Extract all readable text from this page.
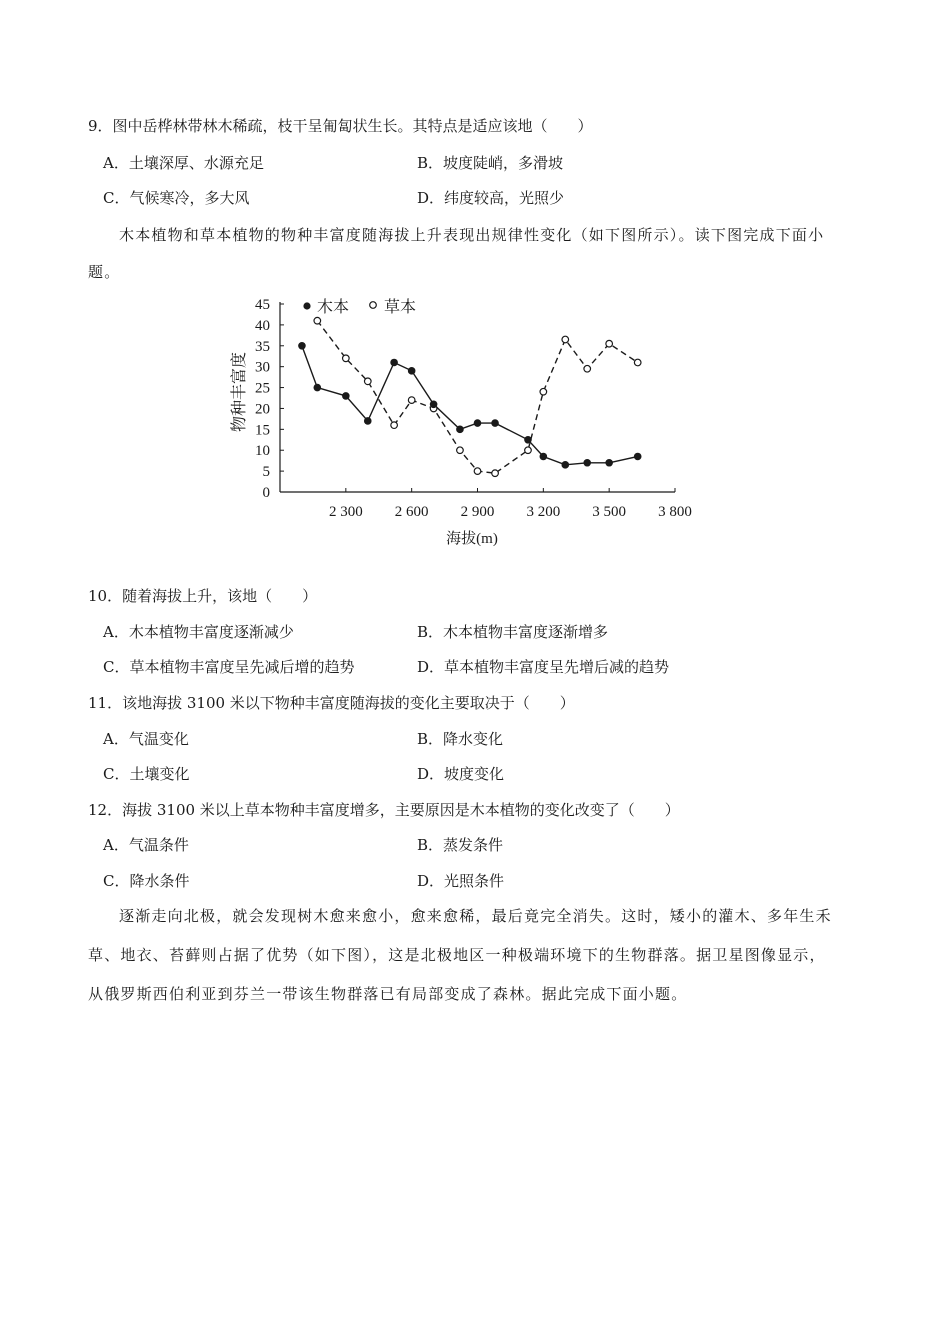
9．图中岳桦林带林木稀疏，枝干呈匍匐状生长。其特点是适应该地（　　）
A．土壤深厚、水源充足	B．坡度陡峭，多滑坡
C．气候寒冷，多大风	D．纬度较高，光照少
木本植物和草本植物的物种丰富度随海拔上升表现出规律性变化（如下图所示）。读下图完成下面小
题。
0
5
10
15
20
25
30
35
40
45
2 300 2 600 2 900 3 200 3 500 3 800
木本 草本
物种丰富度
海拔(m)
10．随着海拔上升，该地（　　）
A．木本植物丰富度逐渐减少	B．木本植物丰富度逐渐增多
C．草本植物丰富度呈先减后增的趋势	D．草本植物丰富度呈先增后减的趋势
11．该地海拔 3100 米以下物种丰富度随海拔的变化主要取决于（　　）
A．气温变化	B．降水变化
C．土壤变化	D．坡度变化
12．海拔 3100 米以上草本物种丰富度增多，主要原因是木本植物的变化改变了（　　）
A．气温条件	B．蒸发条件
C．降水条件	D．光照条件
逐渐走向北极，就会发现树木愈来愈小，愈来愈稀，最后竟完全消失。这时，矮小的灌木、多年生禾
草、地衣、苔藓则占据了优势（如下图），这是北极地区一种极端环境下的生物群落。据卫星图像显示，
从俄罗斯西伯利亚到芬兰一带该生物群落已有局部变成了森林。据此完成下面小题。
